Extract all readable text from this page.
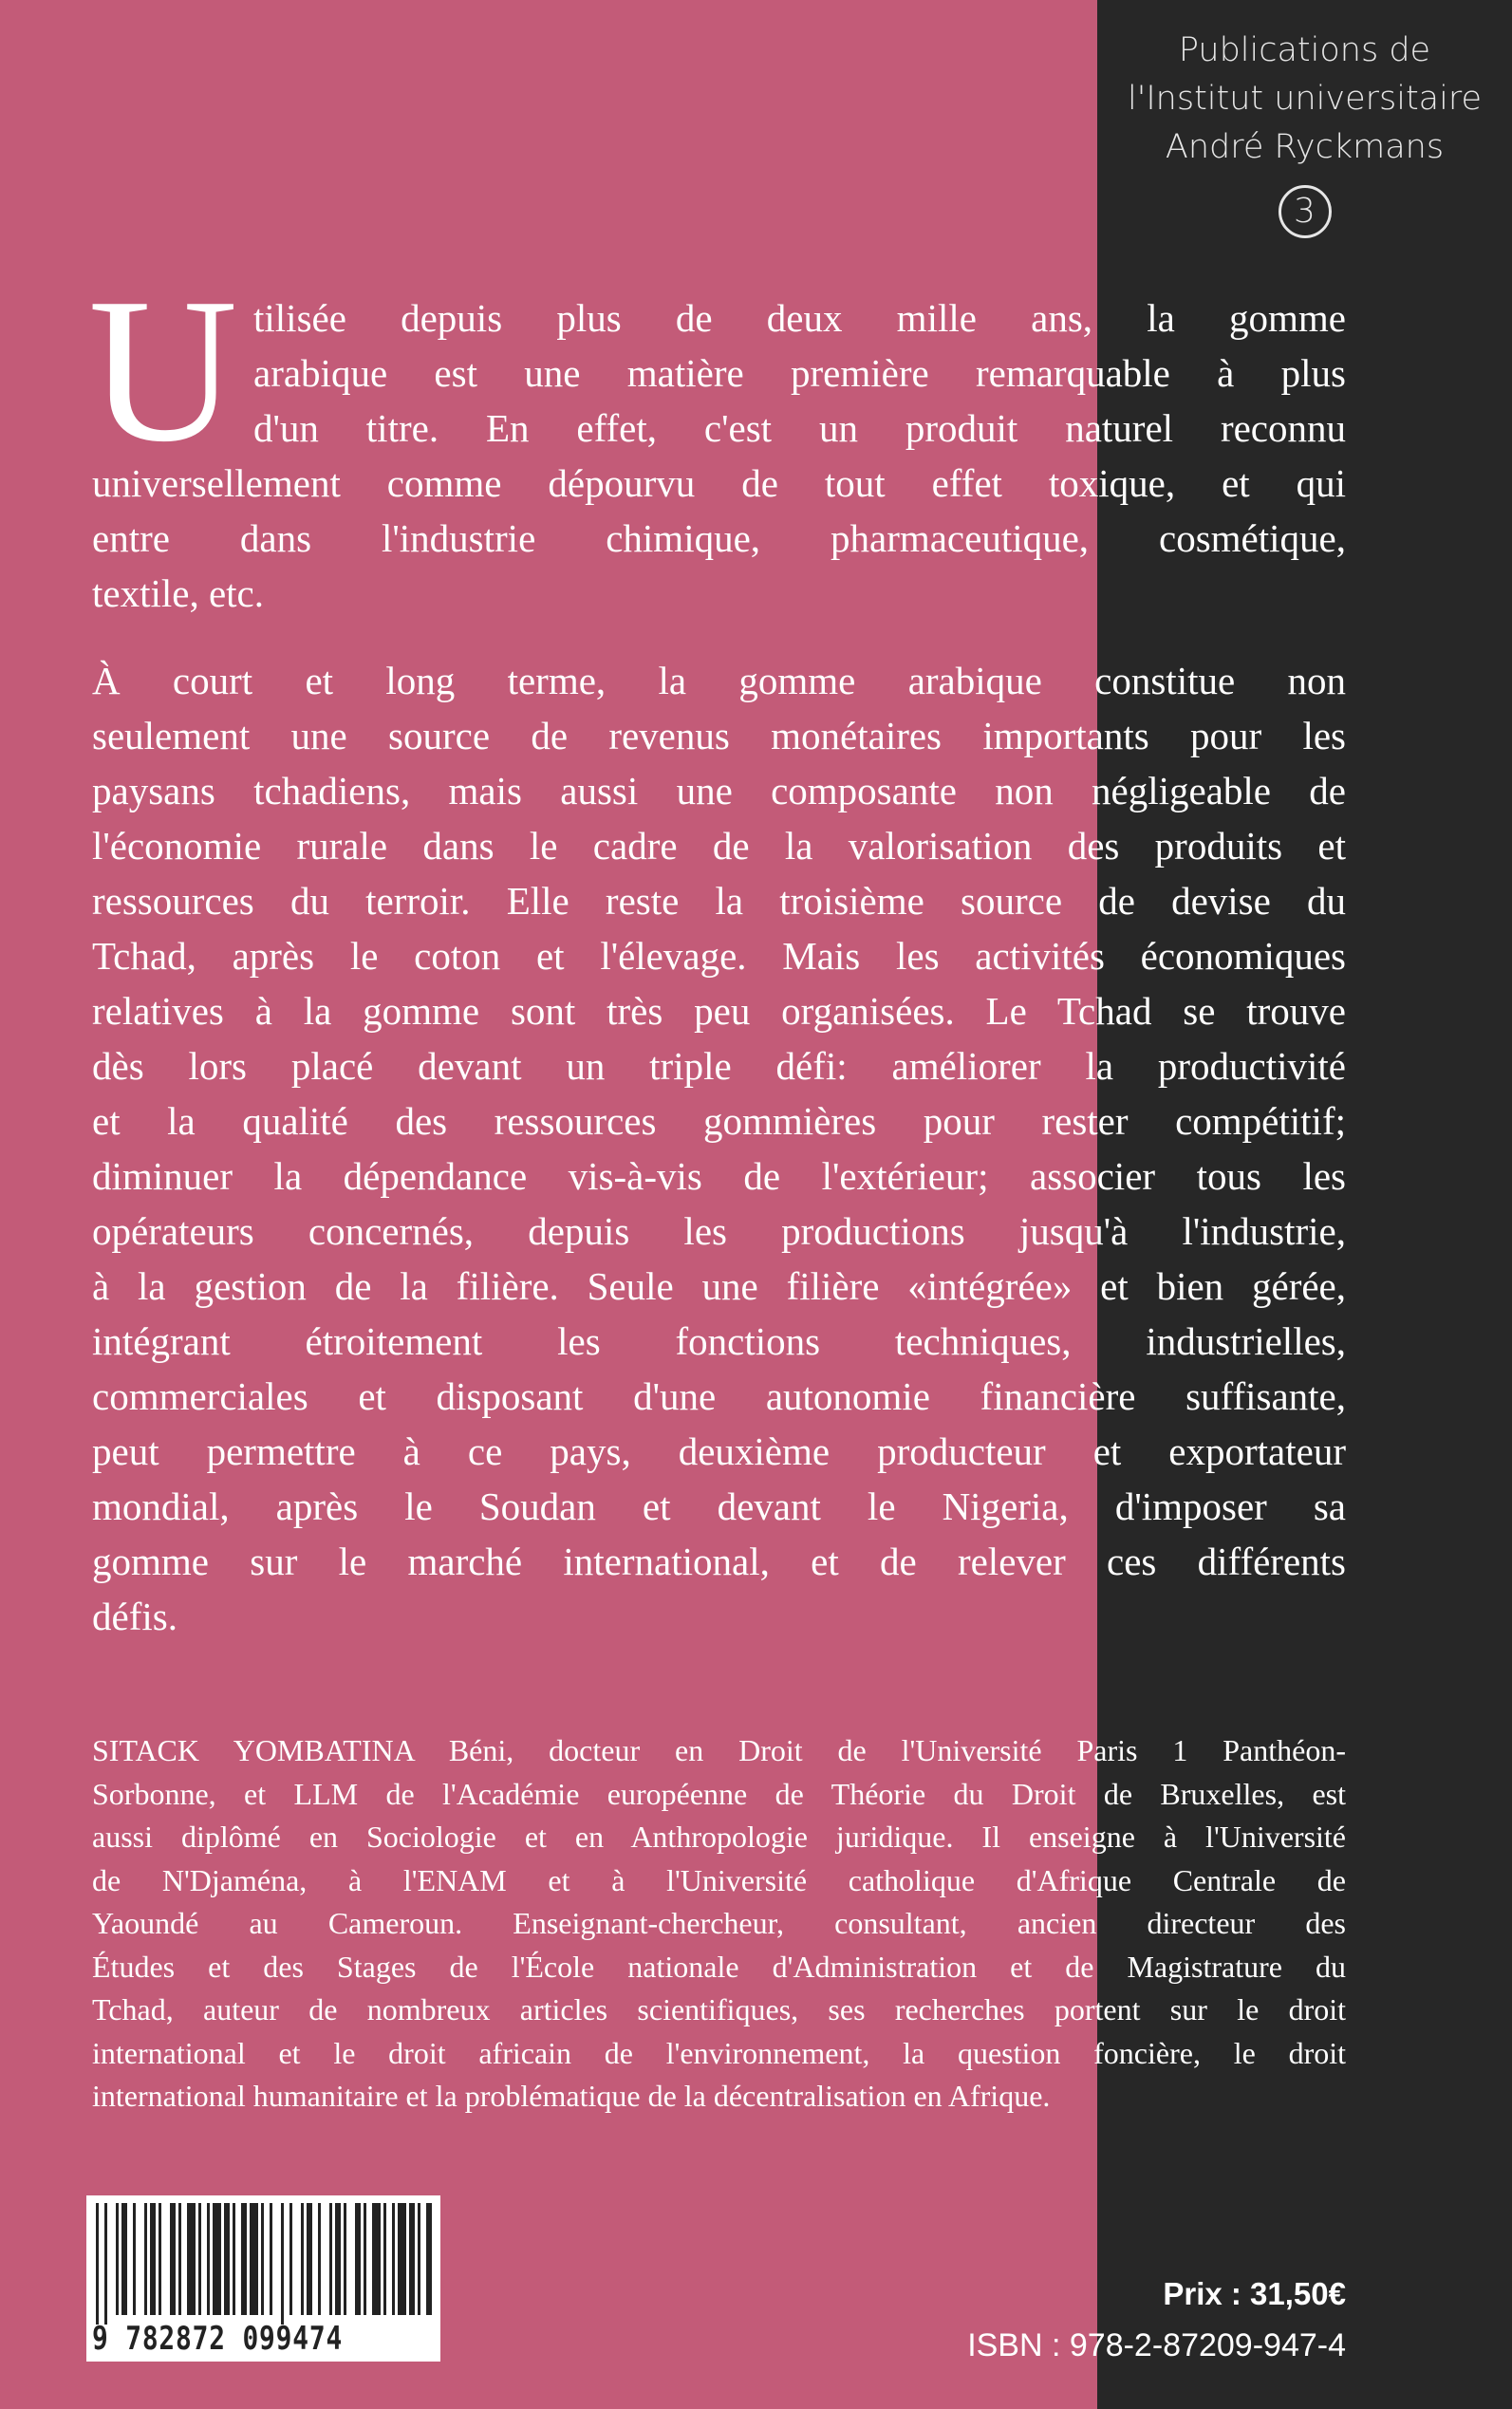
Publications de
l'Institut universitaire
André Ryckmans
3
U tilisée depuis plus de deux mille ans, la gomme
arabique est une matière première remarquable à plus
d'un titre. En effet, c'est un produit naturel reconnu
universellement comme dépourvu de tout effet toxique, et qui
entre dans l'industrie chimique, pharmaceutique, cosmétique,
textile, etc.
À court et long terme, la gomme arabique constitue non
seulement une source de revenus monétaires importants pour les
paysans tchadiens, mais aussi une composante non négligeable de
l'économie rurale dans le cadre de la valorisation des produits et
ressources du terroir. Elle reste la troisième source de devise du
Tchad, après le coton et l'élevage. Mais les activités économiques
relatives à la gomme sont très peu organisées. Le Tchad se trouve
dès lors placé devant un triple défi: améliorer la productivité
et la qualité des ressources gommières pour rester compétitif;
diminuer la dépendance vis-à-vis de l'extérieur; associer tous les
opérateurs concernés, depuis les productions jusqu'à l'industrie,
à la gestion de la filière. Seule une filière «intégrée» et bien gérée,
intégrant étroitement les fonctions techniques, industrielles,
commerciales et disposant d'une autonomie financière suffisante,
peut permettre à ce pays, deuxième producteur et exportateur
mondial, après le Soudan et devant le Nigeria, d'imposer sa
gomme sur le marché international, et de relever ces différents
défis.
SITACK YOMBATINA Béni, docteur en Droit de l'Université Paris 1 Panthéon-
Sorbonne, et LLM de l'Académie européenne de Théorie du Droit de Bruxelles, est
aussi diplômé en Sociologie et en Anthropologie juridique. Il enseigne à l'Université
de N'Djaména, à l'ENAM et à l'Université catholique d'Afrique Centrale de
Yaoundé au Cameroun. Enseignant-chercheur, consultant, ancien directeur des
Études et des Stages de l'École nationale d'Administration et de Magistrature du
Tchad, auteur de nombreux articles scientifiques, ses recherches portent sur le droit
international et le droit africain de l'environnement, la question foncière, le droit
international humanitaire et la problématique de la décentralisation en Afrique.
9 782872 099474
Prix : 31,50€
ISBN : 978-2-87209-947-4
